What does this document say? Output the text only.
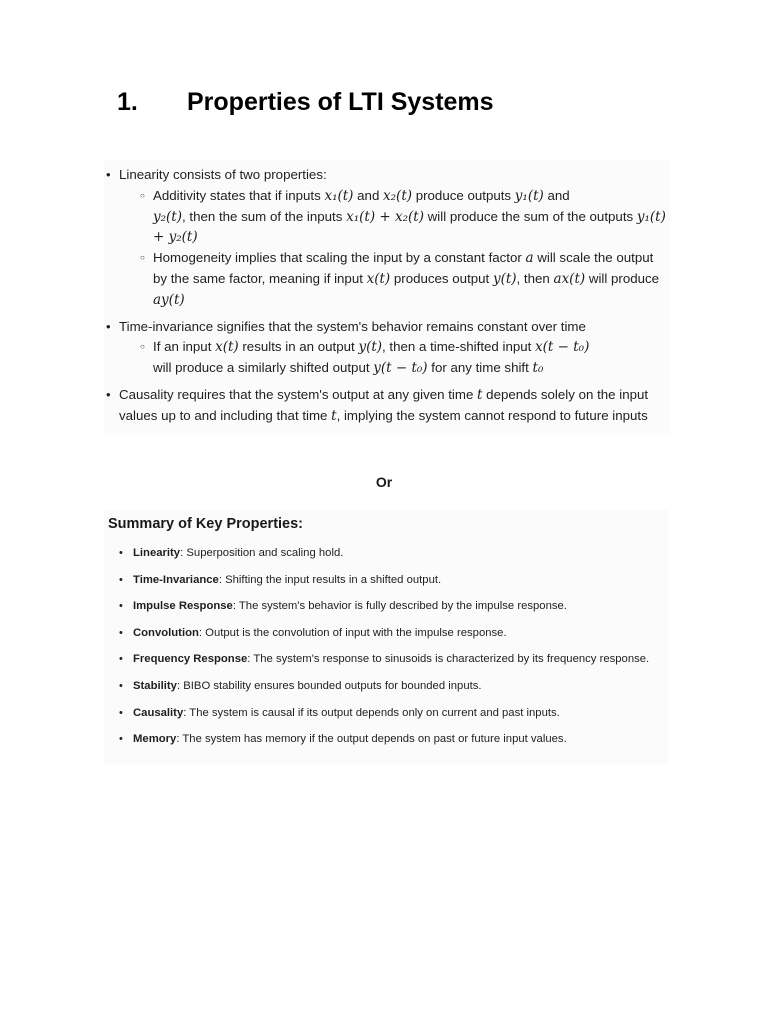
1. Properties of LTI Systems
• Linearity consists of two properties:
○ Additivity states that if inputs x₁(t) and x₂(t) produce outputs y₁(t) and
y₂(t), then the sum of the inputs x₁(t) + x₂(t) will produce the sum of the outputs y₁(t) + y₂(t)
○ Homogeneity implies that scaling the input by a constant factor a will scale the output by the same factor, meaning if input x(t) produces output y(t), then ax(t) will produce ay(t)
• Time-invariance signifies that the system's behavior remains constant over time
○ If an input x(t) results in an output y(t), then a time-shifted input x(t − t₀)
will produce a similarly shifted output y(t − t₀) for any time shift t₀
• Causality requires that the system's output at any given time t depends solely on the input values up to and including that time t, implying the system cannot respond to future inputs
Or
Summary of Key Properties:
• Linearity: Superposition and scaling hold.
• Time-Invariance: Shifting the input results in a shifted output.
• Impulse Response: The system's behavior is fully described by the impulse response.
• Convolution: Output is the convolution of input with the impulse response.
• Frequency Response: The system's response to sinusoids is characterized by its frequency response.
• Stability: BIBO stability ensures bounded outputs for bounded inputs.
• Causality: The system is causal if its output depends only on current and past inputs.
• Memory: The system has memory if the output depends on past or future input values.
